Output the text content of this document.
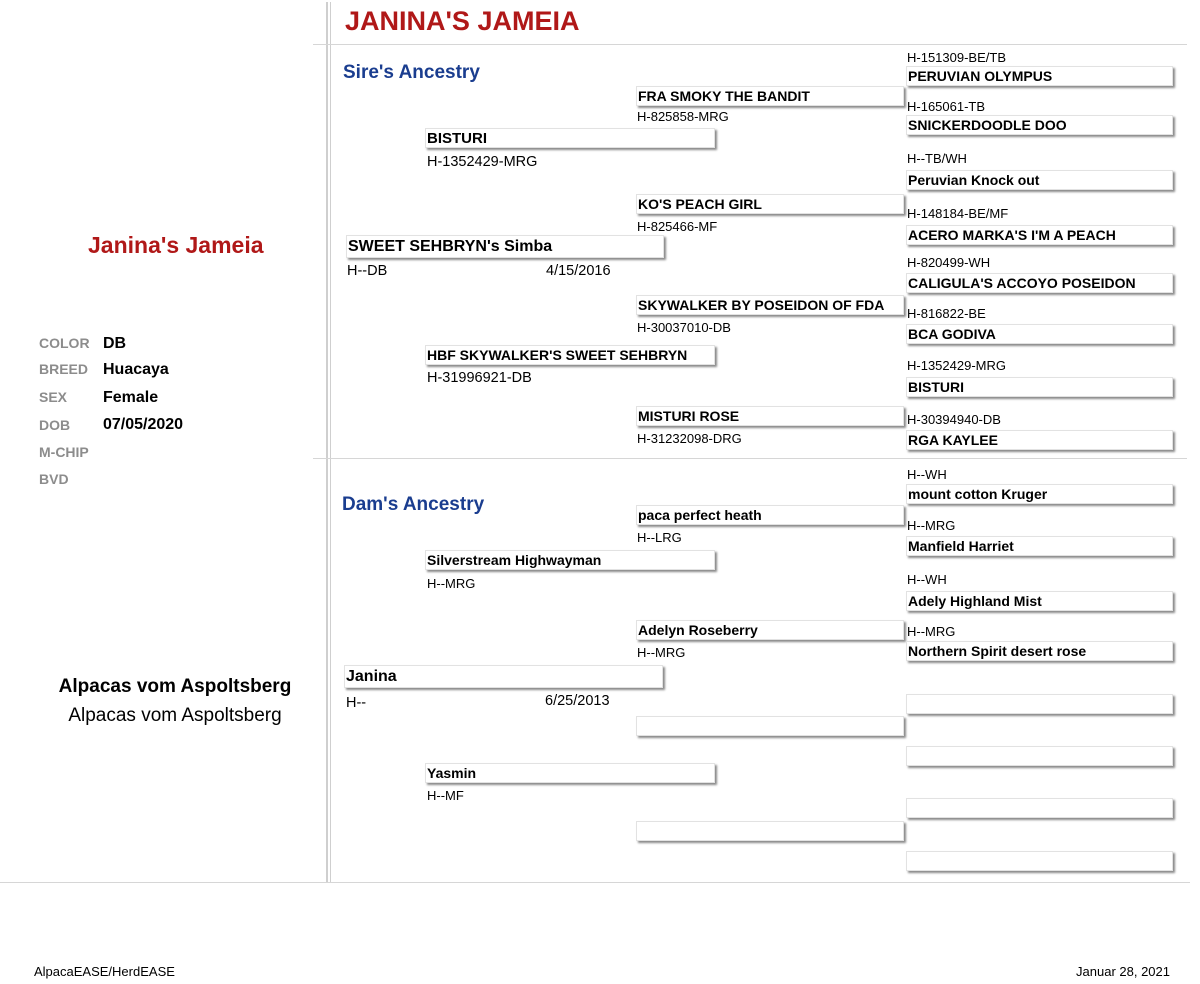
JANINA'S JAMEIA
Janina's Jameia
COLOR DB
BREED Huacaya
SEX Female
DOB 07/05/2020
M-CHIP
BVD
Alpacas vom Aspoltsberg
Alpacas vom Aspoltsberg
Sire's Ancestry
Dam's Ancestry
SWEET SEHBRYN's Simba
H--DB	4/15/2016
Janina
H--	6/25/2013
BISTURI
H-1352429-MRG
HBF SKYWALKER'S SWEET SEHBRYN
H-31996921-DB
Silverstream Highwayman
H--MRG
Yasmin
H--MF
FRA SMOKY THE BANDIT
H-825858-MRG
KO'S PEACH GIRL
H-825466-MF
SKYWALKER BY POSEIDON OF FDA
H-30037010-DB
MISTURI ROSE
H-31232098-DRG
paca perfect heath
H--LRG
Adelyn Roseberry
H--MRG
H-151309-BE/TB
PERUVIAN OLYMPUS
H-165061-TB
SNICKERDOODLE DOO
H--TB/WH
Peruvian Knock out
H-148184-BE/MF
ACERO MARKA'S I'M A PEACH
H-820499-WH
CALIGULA'S ACCOYO POSEIDON
H-816822-BE
BCA GODIVA
H-1352429-MRG
BISTURI
H-30394940-DB
RGA KAYLEE
H--WH
mount cotton Kruger
H--MRG
Manfield Harriet
H--WH
Adely Highland Mist
H--MRG
Northern Spirit desert rose
AlpacaEASE/HerdEASE	Januar 28, 2021
